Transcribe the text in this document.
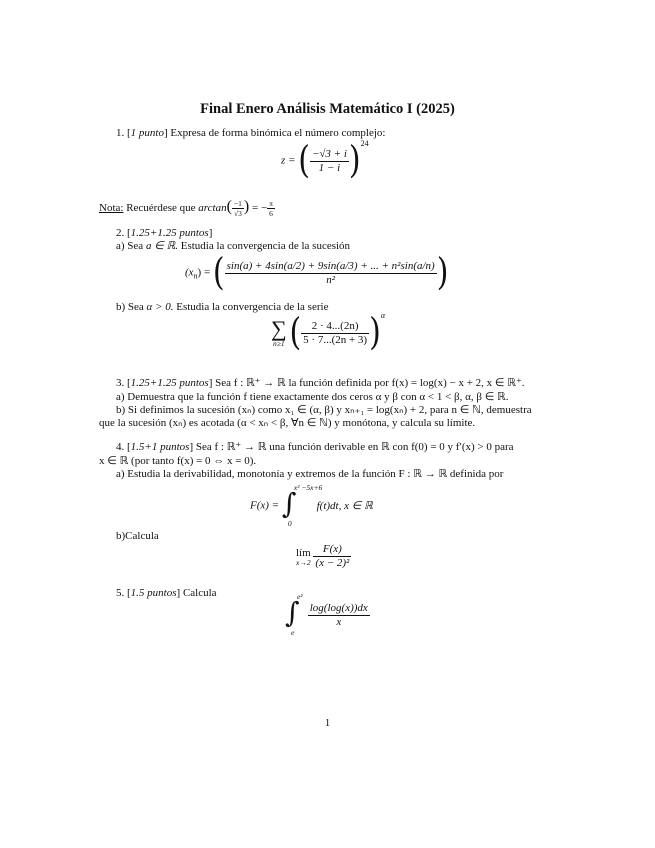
Final Enero Análisis Matemático I (2025)
1. [1 punto] Expresa de forma binómica el número complejo:
z = ( $\frac{-√3 + i}{1 - i} )^{24}$
Nota: Recuérdese que $\arctan( \frac{-1}{√3}$ ) = − $\frac{\pi}{6}$
2. [1.25+1.25 puntos]
a) Sea a ∈ ℝ. Estudia la convergencia de la sucesión
$(x_n)$ = ( $\frac{\text{sin(a) + 4sin(a/2) + 9sin(a/3) + ... + n²sin(a/n)}}{\text{n²}}$ )
b) Sea α > 0. Estudia la convergencia de la serie
∑
n≥1 ( $\frac{2 \cdot 4...(2n)}{5 \cdot 7...(2n + 3)} )^\alpha$
3. [1.25+1.25 puntos] Sea f : ℝ⁺ → ℝ la función definida por f(x) = log(x) − x + 2, x ∈ ℝ⁺.
a) Demuestra que la función f tiene exactamente dos ceros α y β con α < 1 < β, α, β ∈ ℝ.
b) Si definimos la sucesión (xₙ) como x₁ ∈ (α, β) y xₙ₊₁ = log(xₙ) + 2, para n ∈ ℕ, demuestra
que la sucesión (xₙ) es acotada (α < xₙ < β, ∀n ∈ ℕ) y monótona, y calcula su límite.
4. [1.5+1 puntos] Sea f : ℝ⁺ → ℝ una función derivable en ℝ con f(0) = 0 y f′(x) > 0 para
x ∈ ℝ (por tanto f(x) = 0 ⇔ x = 0).
a) Estudia la derivabilidad, monotonía y extremos de la función F : ℝ → ℝ definida por
F(x) = ∫
x² −5x+6
0
f(t)dt, x ∈ ℝ
b)Calcula
lím
x→2
$\frac{F(x)}{\text{(x − 2)²}}$
5. [1.5 puntos] Calcula
∫
e²
e

$\frac{\log(\log(x))dx}{x}$
1
